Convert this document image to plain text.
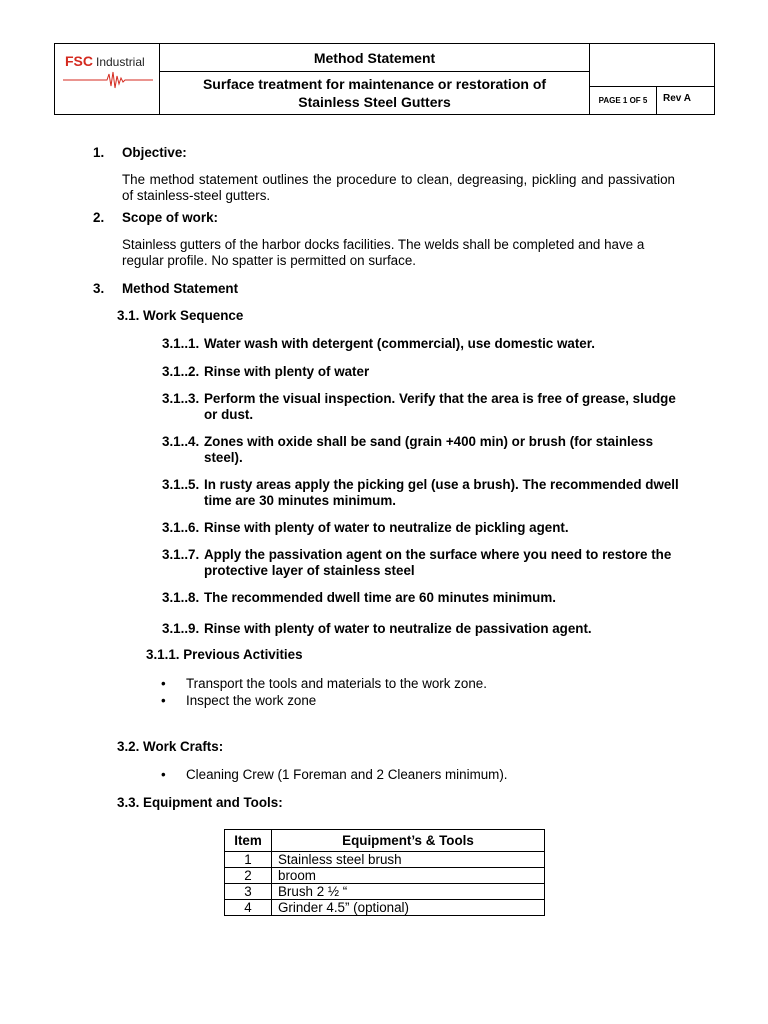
FSC Industrial	Method Statement
Surface treatment for maintenance or restoration of
Stainless Steel Gutters	PAGE 1 OF 5	Rev A
1. Objective:
The method statement outlines the procedure to clean, degreasing, pickling and passivation of stainless-steel gutters.
2. Scope of work:
Stainless gutters of the harbor docks facilities. The welds shall be completed and have a regular profile. No spatter is permitted on surface.
3. Method Statement
3.1. Work Sequence
3.1..1. Water wash with detergent (commercial), use domestic water.
3.1..2. Rinse with plenty of water
3.1..3. Perform the visual inspection. Verify that the area is free of grease, sludge or dust.
3.1..4. Zones with oxide shall be sand (grain +400 min) or brush (for stainless steel).
3.1..5. In rusty areas apply the picking gel (use a brush). The recommended dwell time are 30 minutes minimum.
3.1..6. Rinse with plenty of water to neutralize de pickling agent.
3.1..7. Apply the passivation agent on the surface where you need to restore the protective layer of stainless steel
3.1..8. The recommended dwell time are 60 minutes minimum.
3.1..9. Rinse with plenty of water to neutralize de passivation agent.
3.1.1. Previous Activities
• Transport the tools and materials to the work zone.
• Inspect the work zone
3.2. Work Crafts:
• Cleaning Crew (1 Foreman and 2 Cleaners minimum).
3.3. Equipment and Tools:
Item	Equipment’s & Tools
1	Stainless steel brush
2	broom
3	Brush 2 ½ “
4	Grinder 4.5” (optional)
